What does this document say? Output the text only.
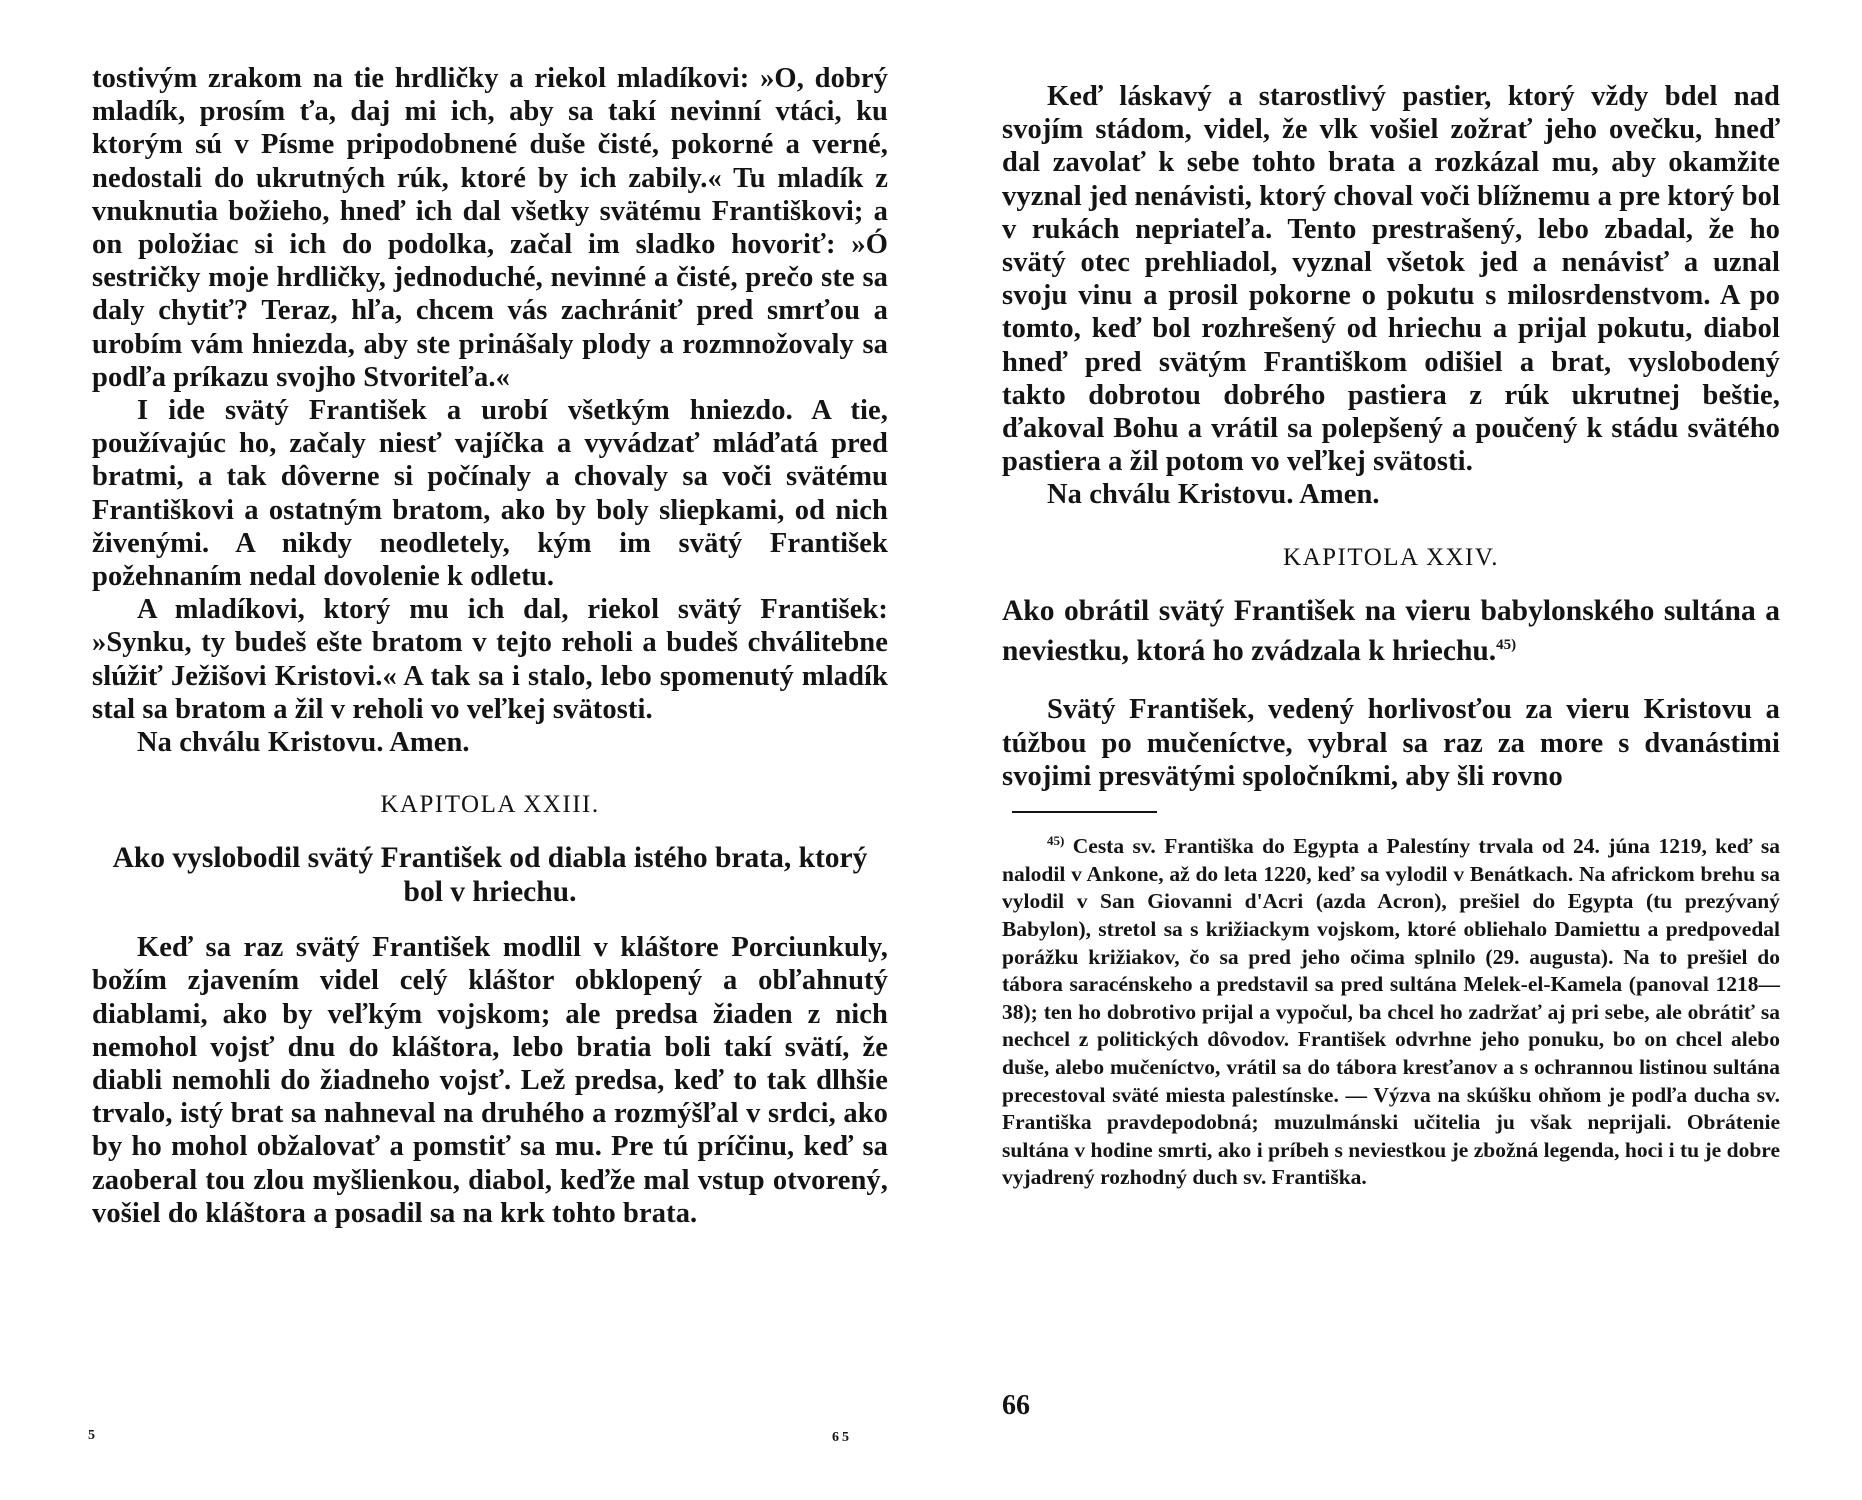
tostivým zrakom na tie hrdličky a riekol mladíkovi: »O, dobrý mladík, prosím ťa, daj mi ich, aby sa takí nevinní vtáci, ku ktorým sú v Písme pripodobnené duše čisté, pokorné a verné, nedostali do ukrutných rúk, ktoré by ich zabily.« Tu mladík z vnuknutia božieho, hneď ich dal všetky svätému Františkovi; a on položiac si ich do podolka, začal im sladko hovoriť: »Ó sestričky moje hrdličky, jednoduché, nevinné a čisté, prečo ste sa daly chytiť? Teraz, hľa, chcem vás zachrániť pred smrťou a urobím vám hniezda, aby ste prinášaly plody a rozmnožovaly sa podľa príkazu svojho Stvoriteľa.«

I ide svätý František a urobí všetkým hniezdo. A tie, používajúc ho, začaly niesť vajíčka a vyvádzať mláďatá pred bratmi, a tak dôverne si počínaly a chovaly sa voči svätému Františkovi a ostatným bratom, ako by boly sliepkami, od nich živenými. A nikdy neodletely, kým im svätý František požehnaním nedal dovolenie k odletu.

A mladíkovi, ktorý mu ich dal, riekol svätý František: »Synku, ty budeš ešte bratom v tejto reholi a budeš chválitebne slúžiť Ježišovi Kristovi.« A tak sa i stalo, lebo spomenutý mladík stal sa bratom a žil v reholi vo veľkej svätosti.

Na chválu Kristovu. Amen.

KAPITOLA XXIII.
Ako vyslobodil svätý František od diabla istého brata, ktorý bol v hriechu.

Keď sa raz svätý František modlil v kláštore Porciunkuly, božím zjavením videl celý kláštor obklopený a obľahnutý diablami, ako by veľkým vojskom; ale predsa žiaden z nich nemohol vojsť dnu do kláštora, lebo bratia boli takí svätí, že diabli nemohli do žiadneho vojsť. Lež predsa, keď to tak dlhšie trvalo, istý brat sa nahneval na druhého a rozmýšľal v srdci, ako by ho mohol obžalovať a pomstiť sa mu. Pre tú príčinu, keď sa zaoberal tou zlou myšlienkou, diabol, keďže mal vstup otvorený, vošiel do kláštora a posadil sa na krk tohto brata.

5	65

Keď láskavý a starostlivý pastier, ktorý vždy bdel nad svojím stádom, videl, že vlk vošiel zožrať jeho ovečku, hneď dal zavolať k sebe tohto brata a rozkázal mu, aby okamžite vyznal jed nenávisti, ktorý choval voči blížnemu a pre ktorý bol v rukách nepriateľa. Tento prestrašený, lebo zbadal, že ho svätý otec prehliadol, vyznal všetok jed a nenávisť a uznal svoju vinu a prosil pokorne o pokutu s milosrdenstvom. A po tomto, keď bol rozhrešený od hriechu a prijal pokutu, diabol hneď pred svätým Františkom odišiel a brat, vyslobodený takto dobrotou dobrého pastiera z rúk ukrutnej beštie, ďakoval Bohu a vrátil sa polepšený a poučený k stádu svätého pastiera a žil potom vo veľkej svätosti.

Na chválu Kristovu. Amen.

KAPITOLA XXIV.
Ako obrátil svätý František na vieru babylonského sultána a neviestku, ktorá ho zvádzala k hriechu.$^{45)}$

Svätý František, vedený horlivosťou za vieru Kristovu a túžbou po mučeníctve, vybral sa raz za more s dvanástimi svojimi presvätými spoločníkmi, aby šli rovno

$^{45)}$ Cesta sv. Františka do Egypta a Palestíny trvala od 24. júna 1219, keď sa nalodil v Ankone, až do leta 1220, keď sa vylodil v Benátkach. Na africkom brehu sa vylodil v San Giovanni d'Acri (azda Acron), prešiel do Egypta (tu prezývaný Babylon), stretol sa s križiackym vojskom, ktoré obliehalo Damiettu a predpovedal porážku križiakov, čo sa pred jeho očima splnilo (29. augusta). Na to prešiel do tábora saracénskeho a predstavil sa pred sultána Melek-el-Kamela (panoval 1218—38); ten ho dobrotivo prijal a vypočul, ba chcel ho zadržať aj pri sebe, ale obrátiť sa nechcel z politických dôvodov. František odvrhne jeho ponuku, bo on chcel alebo duše, alebo mučeníctvo, vrátil sa do tábora kresťanov a s ochrannou listinou sultána precestoval sväté miesta palestínske. — Výzva na skúšku ohňom je podľa ducha sv. Františka pravdepodobná; muzulmánski učitelia ju však neprijali. Obrátenie sultána v hodine smrti, ako i príbeh s neviestkou je zbožná legenda, hoci i tu je dobre vyjadrený rozhodný duch sv. Františka.

66
